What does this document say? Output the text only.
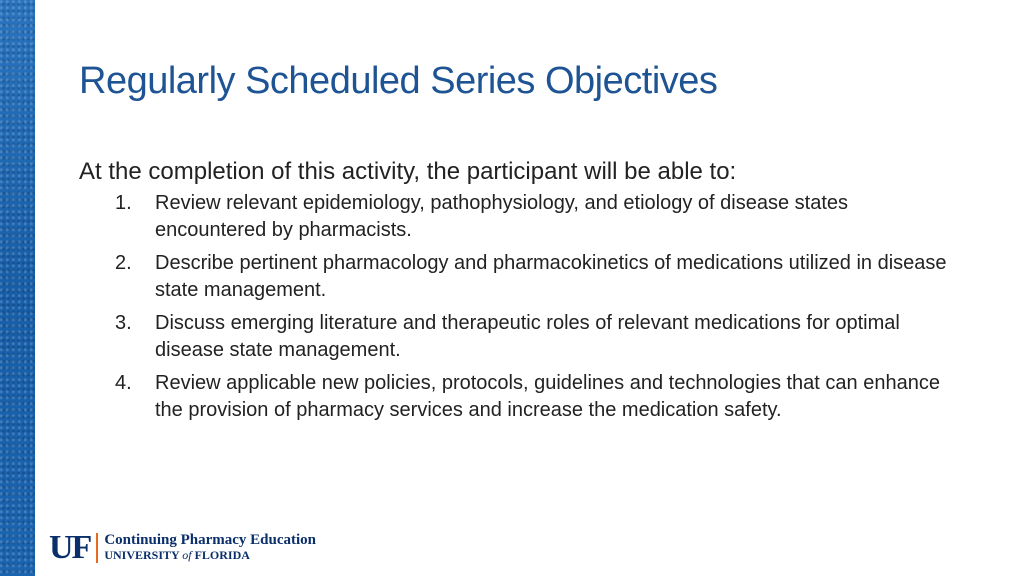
Regularly Scheduled Series Objectives

At the completion of this activity, the participant will be able to:

1. Review relevant epidemiology, pathophysiology, and etiology of disease states encountered by pharmacists.
2. Describe pertinent pharmacology and pharmacokinetics of medications utilized in disease state management.
3. Discuss emerging literature and therapeutic roles of relevant medications for optimal disease state management.
4. Review applicable new policies, protocols, guidelines and technologies that can enhance the provision of pharmacy services and increase the medication safety.
UF Continuing Pharmacy Education
UNIVERSITY of FLORIDA
